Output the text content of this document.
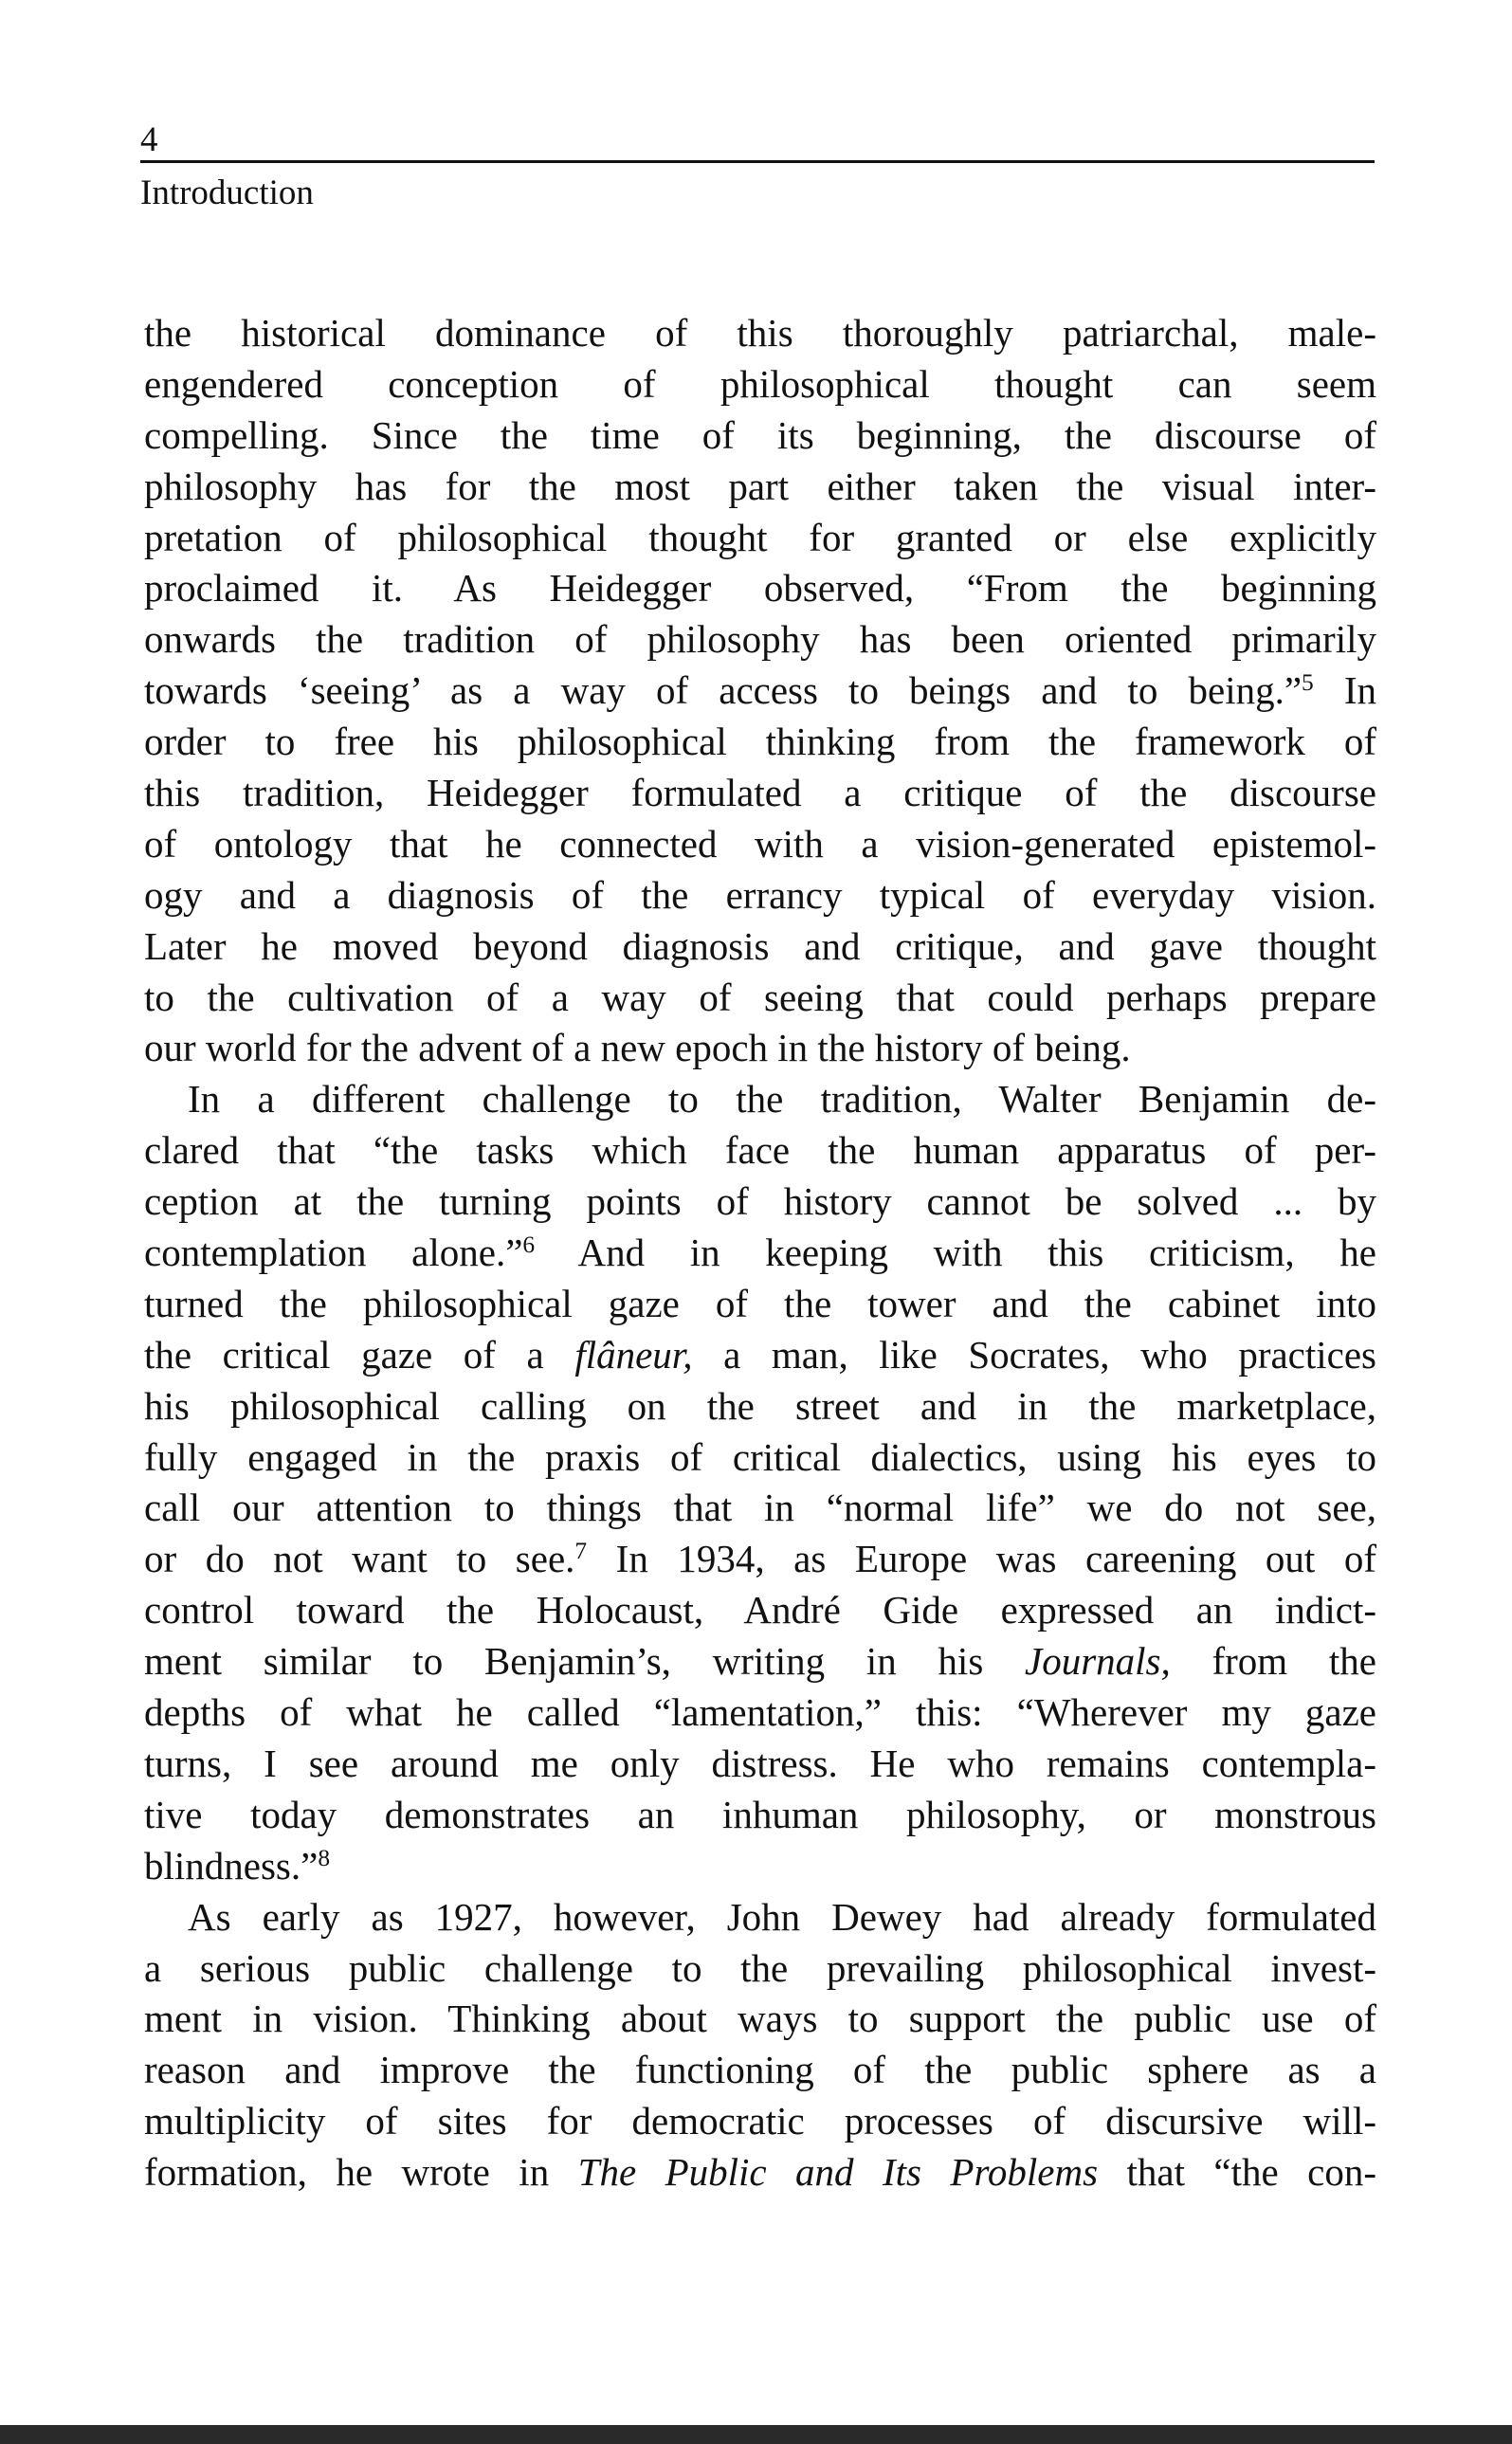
4
Introduction
the historical dominance of this thoroughly patriarchal, male-
engendered conception of philosophical thought can seem
compelling. Since the time of its beginning, the discourse of
philosophy has for the most part either taken the visual inter-
pretation of philosophical thought for granted or else explicitly
proclaimed it. As Heidegger observed, “From the beginning
onwards the tradition of philosophy has been oriented primarily
towards ‘seeing’ as a way of access to beings and to being.”$^5$ In
order to free his philosophical thinking from the framework of
this tradition, Heidegger formulated a critique of the discourse
of ontology that he connected with a vision-generated epistemol-
ogy and a diagnosis of the errancy typical of everyday vision.
Later he moved beyond diagnosis and critique, and gave thought
to the cultivation of a way of seeing that could perhaps prepare
our world for the advent of a new epoch in the history of being.
In a different challenge to the tradition, Walter Benjamin de-
clared that “the tasks which face the human apparatus of per-
ception at the turning points of history cannot be solved ... by
contemplation alone.”$^6$ And in keeping with this criticism, he
turned the philosophical gaze of the tower and the cabinet into
the critical gaze of a flâneur, a man, like Socrates, who practices
his philosophical calling on the street and in the marketplace,
fully engaged in the praxis of critical dialectics, using his eyes to
call our attention to things that in “normal life” we do not see,
or do not want to see.$^7$ In 1934, as Europe was careening out of
control toward the Holocaust, André Gide expressed an indict-
ment similar to Benjamin’s, writing in his Journals, from the
depths of what he called “lamentation,” this: “Wherever my gaze
turns, I see around me only distress. He who remains contempla-
tive today demonstrates an inhuman philosophy, or monstrous
blindness.”$^8$
As early as 1927, however, John Dewey had already formulated
a serious public challenge to the prevailing philosophical invest-
ment in vision. Thinking about ways to support the public use of
reason and improve the functioning of the public sphere as a
multiplicity of sites for democratic processes of discursive will-
formation, he wrote in The Public and Its Problems that “the con-
